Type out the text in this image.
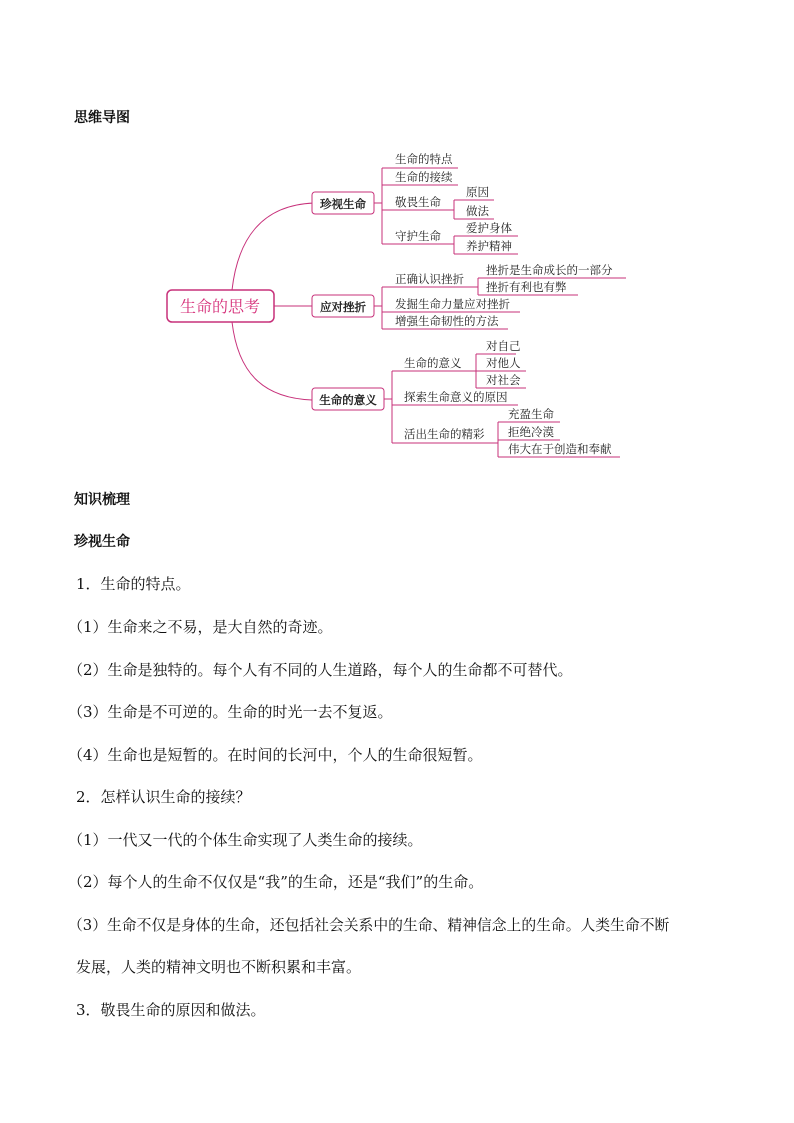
思维导图
生命的思考
珍视生命
生命的特点
生命的接续
敬畏生命
原因
做法
守护生命
爱护身体
养护精神
应对挫折
正确认识挫折
挫折是生命成长的一部分
挫折有利也有弊
发掘生命力量应对挫折
增强生命韧性的方法
生命的意义
生命的意义
对自己
对他人
对社会
探索生命意义的原因
活出生命的精彩
充盈生命
拒绝冷漠
伟大在于创造和奉献
知识梳理
珍视生命
1．生命的特点。
（1）生命来之不易，是大自然的奇迹。
（2）生命是独特的。每个人有不同的人生道路，每个人的生命都不可替代。
（3）生命是不可逆的。生命的时光一去不复返。
（4）生命也是短暂的。在时间的长河中，个人的生命很短暂。
2．怎样认识生命的接续？
（1）一代又一代的个体生命实现了人类生命的接续。
（2）每个人的生命不仅仅是“我”的生命，还是“我们”的生命。
（3）生命不仅是身体的生命，还包括社会关系中的生命、精神信念上的生命。人类生命不断
发展，人类的精神文明也不断积累和丰富。
3．敬畏生命的原因和做法。
